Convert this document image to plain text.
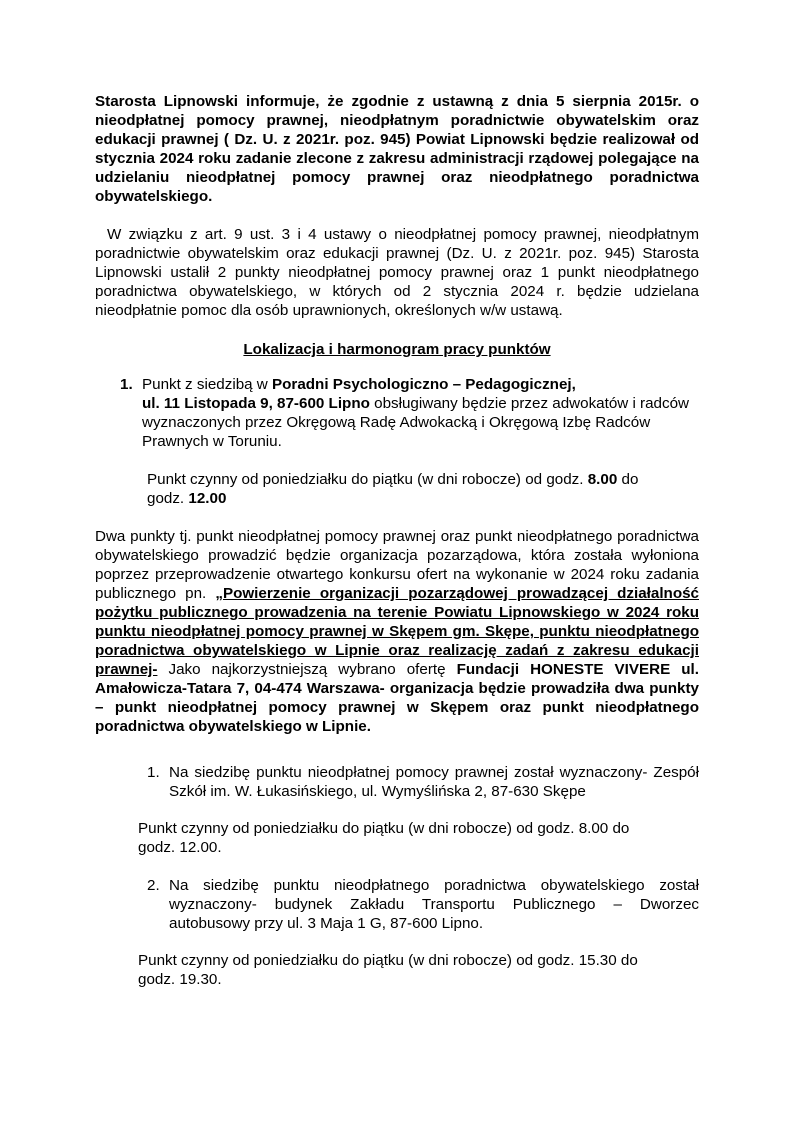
Starosta Lipnowski informuje, że zgodnie z ustawną z dnia 5 sierpnia 2015r. o nieodpłatnej pomocy prawnej, nieodpłatnym poradnictwie obywatelskim oraz edukacji prawnej ( Dz. U. z 2021r. poz. 945) Powiat Lipnowski będzie realizował od stycznia 2024 roku zadanie zlecone z zakresu administracji rządowej polegające na udzielaniu nieodpłatnej pomocy prawnej oraz nieodpłatnego poradnictwa obywatelskiego.

W związku z art. 9 ust. 3 i 4 ustawy o nieodpłatnej pomocy prawnej, nieodpłatnym poradnictwie obywatelskim oraz edukacji prawnej (Dz. U. z 2021r. poz. 945) Starosta Lipnowski ustalił 2 punkty nieodpłatnej pomocy prawnej oraz 1 punkt nieodpłatnego poradnictwa obywatelskiego, w których od 2 stycznia 2024 r. będzie udzielana nieodpłatnie pomoc dla osób uprawnionych, określonych w/w ustawą.

Lokalizacja i harmonogram pracy punktów

1. Punkt z siedzibą w Poradni Psychologiczno – Pedagogicznej,
ul. 11 Listopada 9, 87-600 Lipno obsługiwany będzie przez adwokatów i radców wyznaczonych przez Okręgową Radę Adwokacką i Okręgową Izbę Radców Prawnych w Toruniu.

Punkt czynny od poniedziałku do piątku (w dni robocze) od godz. 8.00 do godz. 12.00

Dwa punkty tj. punkt nieodpłatnej pomocy prawnej oraz punkt nieodpłatnego poradnictwa obywatelskiego prowadzić będzie organizacja pozarządowa, która została wyłoniona poprzez przeprowadzenie otwartego konkursu ofert na wykonanie w 2024 roku zadania publicznego pn. „Powierzenie organizacji pozarządowej prowadzącej działalność pożytku publicznego prowadzenia na terenie Powiatu Lipnowskiego w 2024 roku punktu nieodpłatnej pomocy prawnej w Skępem gm. Skępe, punktu nieodpłatnego poradnictwa obywatelskiego w Lipnie oraz realizację zadań z zakresu edukacji prawnej- Jako najkorzystniejszą wybrano ofertę Fundacji HONESTE VIVERE ul. Amałowicza-Tatara 7, 04-474 Warszawa- organizacja będzie prowadziła dwa punkty – punkt nieodpłatnej pomocy prawnej w Skępem oraz punkt nieodpłatnego poradnictwa obywatelskiego w Lipnie.

1. Na siedzibę punktu nieodpłatnej pomocy prawnej został wyznaczony- Zespół Szkół im. W. Łukasińskiego, ul. Wymyślińska 2, 87-630 Skępe

Punkt czynny od poniedziałku do piątku (w dni robocze) od godz. 8.00 do godz. 12.00.

2. Na siedzibę punktu nieodpłatnego poradnictwa obywatelskiego został wyznaczony- budynek Zakładu Transportu Publicznego – Dworzec autobusowy przy ul. 3 Maja 1 G, 87-600 Lipno.

Punkt czynny od poniedziałku do piątku (w dni robocze) od godz. 15.30 do godz. 19.30.
